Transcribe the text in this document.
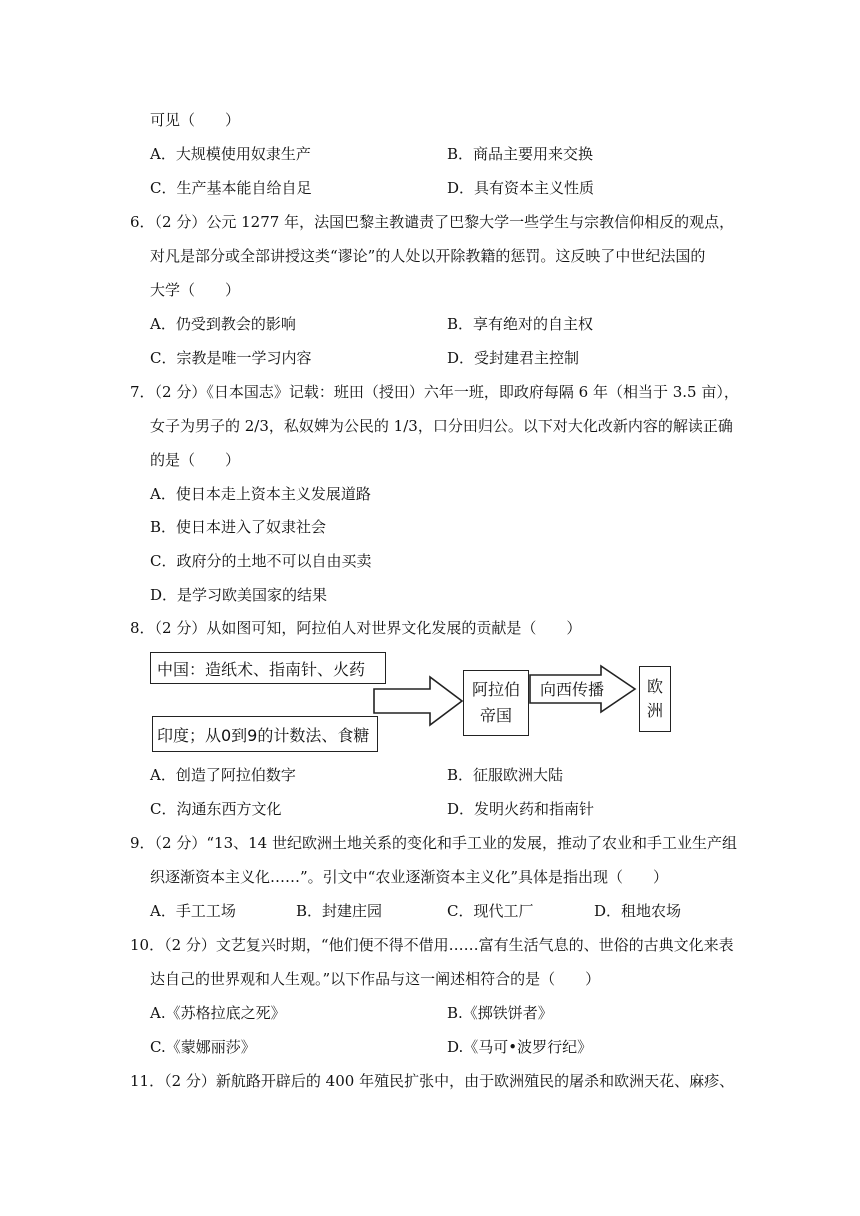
可见（　　）
A．大规模使用奴隶生产	B．商品主要用来交换
C．生产基本能自给自足	D．具有资本主义性质
6．（2 分）公元 1277 年，法国巴黎主教谴责了巴黎大学一些学生与宗教信仰相反的观点，
对凡是部分或全部讲授这类“谬论”的人处以开除教籍的惩罚。这反映了中世纪法国的
大学（　　）
A．仍受到教会的影响	B．享有绝对的自主权
C．宗教是唯一学习内容	D．受封建君主控制
7．（2 分）《日本国志》记载：班田（授田）六年一班，即政府每隔 6 年（相当于 3.5 亩），
女子为男子的 2/3，私奴婢为公民的 1/3，口分田归公。以下对大化改新内容的解读正确
的是（　　）
A．使日本走上资本主义发展道路
B．使日本进入了奴隶社会
C．政府分的土地不可以自由买卖
D．是学习欧美国家的结果
8．（2 分）从如图可知，阿拉伯人对世界文化发展的贡献是（　　）
中国：造纸术、指南针、火药
印度；从0到9的计数法、食糖
阿拉伯
帝国
向西传播	欧
洲
A．创造了阿拉伯数字	B．征服欧洲大陆
C．沟通东西方文化	D．发明火药和指南针
9．（2 分）“13、14 世纪欧洲土地关系的变化和手工业的发展，推动了农业和手工业生产组
织逐渐资本主义化……”。引文中“农业逐渐资本主义化”具体是指出现（　　）
A．手工工场	B．封建庄园	C．现代工厂	D．租地农场
10．（2 分）文艺复兴时期，“他们便不得不借用……富有生活气息的、世俗的古典文化来表
达自己的世界观和人生观。”以下作品与这一阐述相符合的是（　　）
A.《苏格拉底之死》	B.《掷铁饼者》
C.《蒙娜丽莎》	D.《马可•波罗行纪》
11．（2 分）新航路开辟后的 400 年殖民扩张中，由于欧洲殖民的屠杀和欧洲天花、麻疹、
